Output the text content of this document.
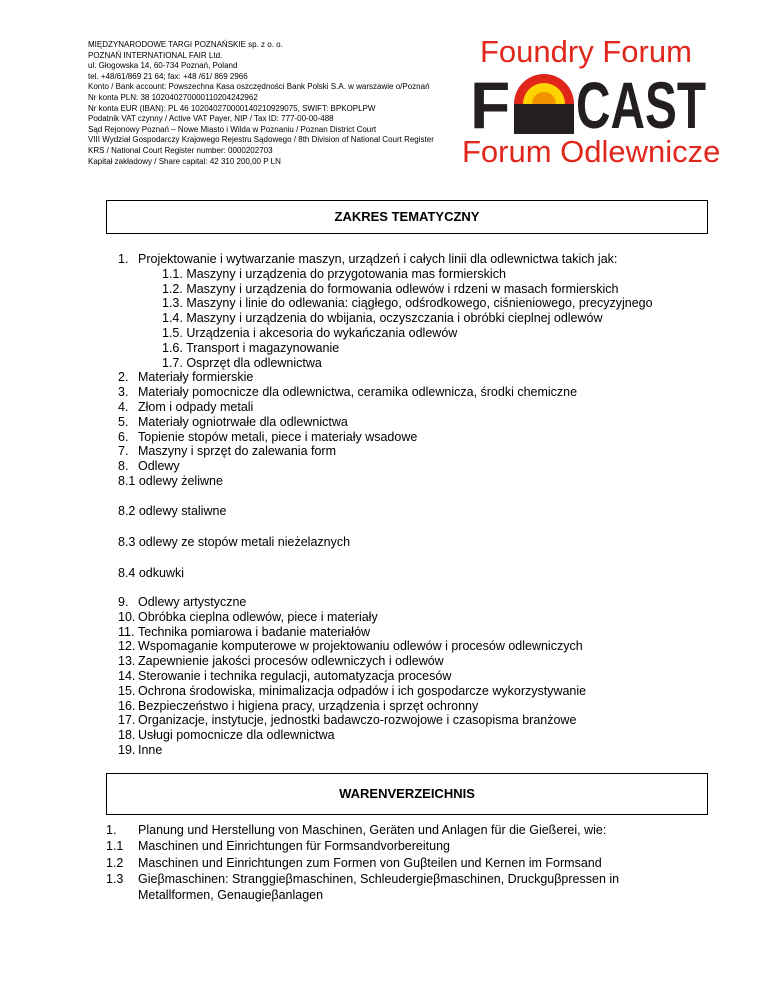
MIĘDZYNARODOWE TARGI POZNAŃSKIE sp. z o. o.
POZNAŃ INTERNATIONAL FAIR Ltd.
ul. Głogowska 14, 60-734 Poznań, Poland
tel. +48/61/869 21 64; fax: +48 /61/ 869 2966
Konto / Bank account: Powszechna Kasa oszczędności Bank Polski S.A. w warszawie o/Poznań
Nr konta PLN: 38 102040270000110204242962
Nr konta EUR (IBAN): PL 46 102040270000140210929075, SWIFT: BPKOPLPW
Podatnik VAT czynny / Active VAT Payer, NIP / Tax ID: 777-00-00-488
Sąd Rejonowy Poznań – Nowe Miasto i Wilda w Poznaniu / Poznan District Court
VIII Wydział Gospodarczy Krajowego Rejestru Sądowego / 8th Division of National Court Register
KRS / National Court Register number: 0000202703
Kapitał zakładowy / Share capital: 42 310 200,00 P LN
Foundry Forum
F CAST
Forum Odlewnicze
ZAKRES TEMATYCZNY
1. Projektowanie i wytwarzanie maszyn, urządzeń i całych linii dla odlewnictwa takich jak:
1.1. Maszyny i urządzenia do przygotowania mas formierskich
1.2. Maszyny i urządzenia do formowania odlewów i rdzeni w masach formierskich
1.3. Maszyny i linie do odlewania: ciągłego, odśrodkowego, ciśnieniowego, precyzyjnego
1.4. Maszyny i urządzenia do wbijania, oczyszczania i obróbki cieplnej odlewów
1.5. Urządzenia i akcesoria do wykańczania odlewów
1.6. Transport i magazynowanie
1.7. Osprzęt dla odlewnictwa
2. Materiały formierskie
3. Materiały pomocnicze dla odlewnictwa, ceramika odlewnicza, środki chemiczne
4. Złom i odpady metali
5. Materiały ogniotrwałe dla odlewnictwa
6. Topienie stopów metali, piece i materiały wsadowe
7. Maszyny i sprzęt do zalewania form
8. Odlewy
8.1 odlewy żeliwne
8.2 odlewy staliwne
8.3 odlewy ze stopów metali nieżelaznych
8.4 odkuwki
9. Odlewy artystyczne
10. Obróbka cieplna odlewów, piece i materiały
11. Technika pomiarowa i badanie materiałów
12. Wspomaganie komputerowe w projektowaniu odlewów i procesów odlewniczych
13. Zapewnienie jakości procesów odlewniczych i odlewów
14. Sterowanie i technika regulacji, automatyzacja procesów
15. Ochrona środowiska, minimalizacja odpadów i ich gospodarcze wykorzystywanie
16. Bezpieczeństwo i higiena pracy, urządzenia i sprzęt ochronny
17. Organizacje, instytucje, jednostki badawczo-rozwojowe i czasopisma branżowe
18. Usługi pomocnicze dla odlewnictwa
19. Inne
WARENVERZEICHNIS
1. Planung und Herstellung von Maschinen, Geräten und Anlagen für die Gießerei, wie:
1.1 Maschinen und Einrichtungen für Formsandvorbereitung
1.2 Maschinen und Einrichtungen zum Formen von Guβteilen und Kernen im Formsand
1.3 Gieβmaschinen: Stranggieβmaschinen, Schleudergieβmaschinen, Druckguβpressen in
Metallformen, Genaugieβanlagen
